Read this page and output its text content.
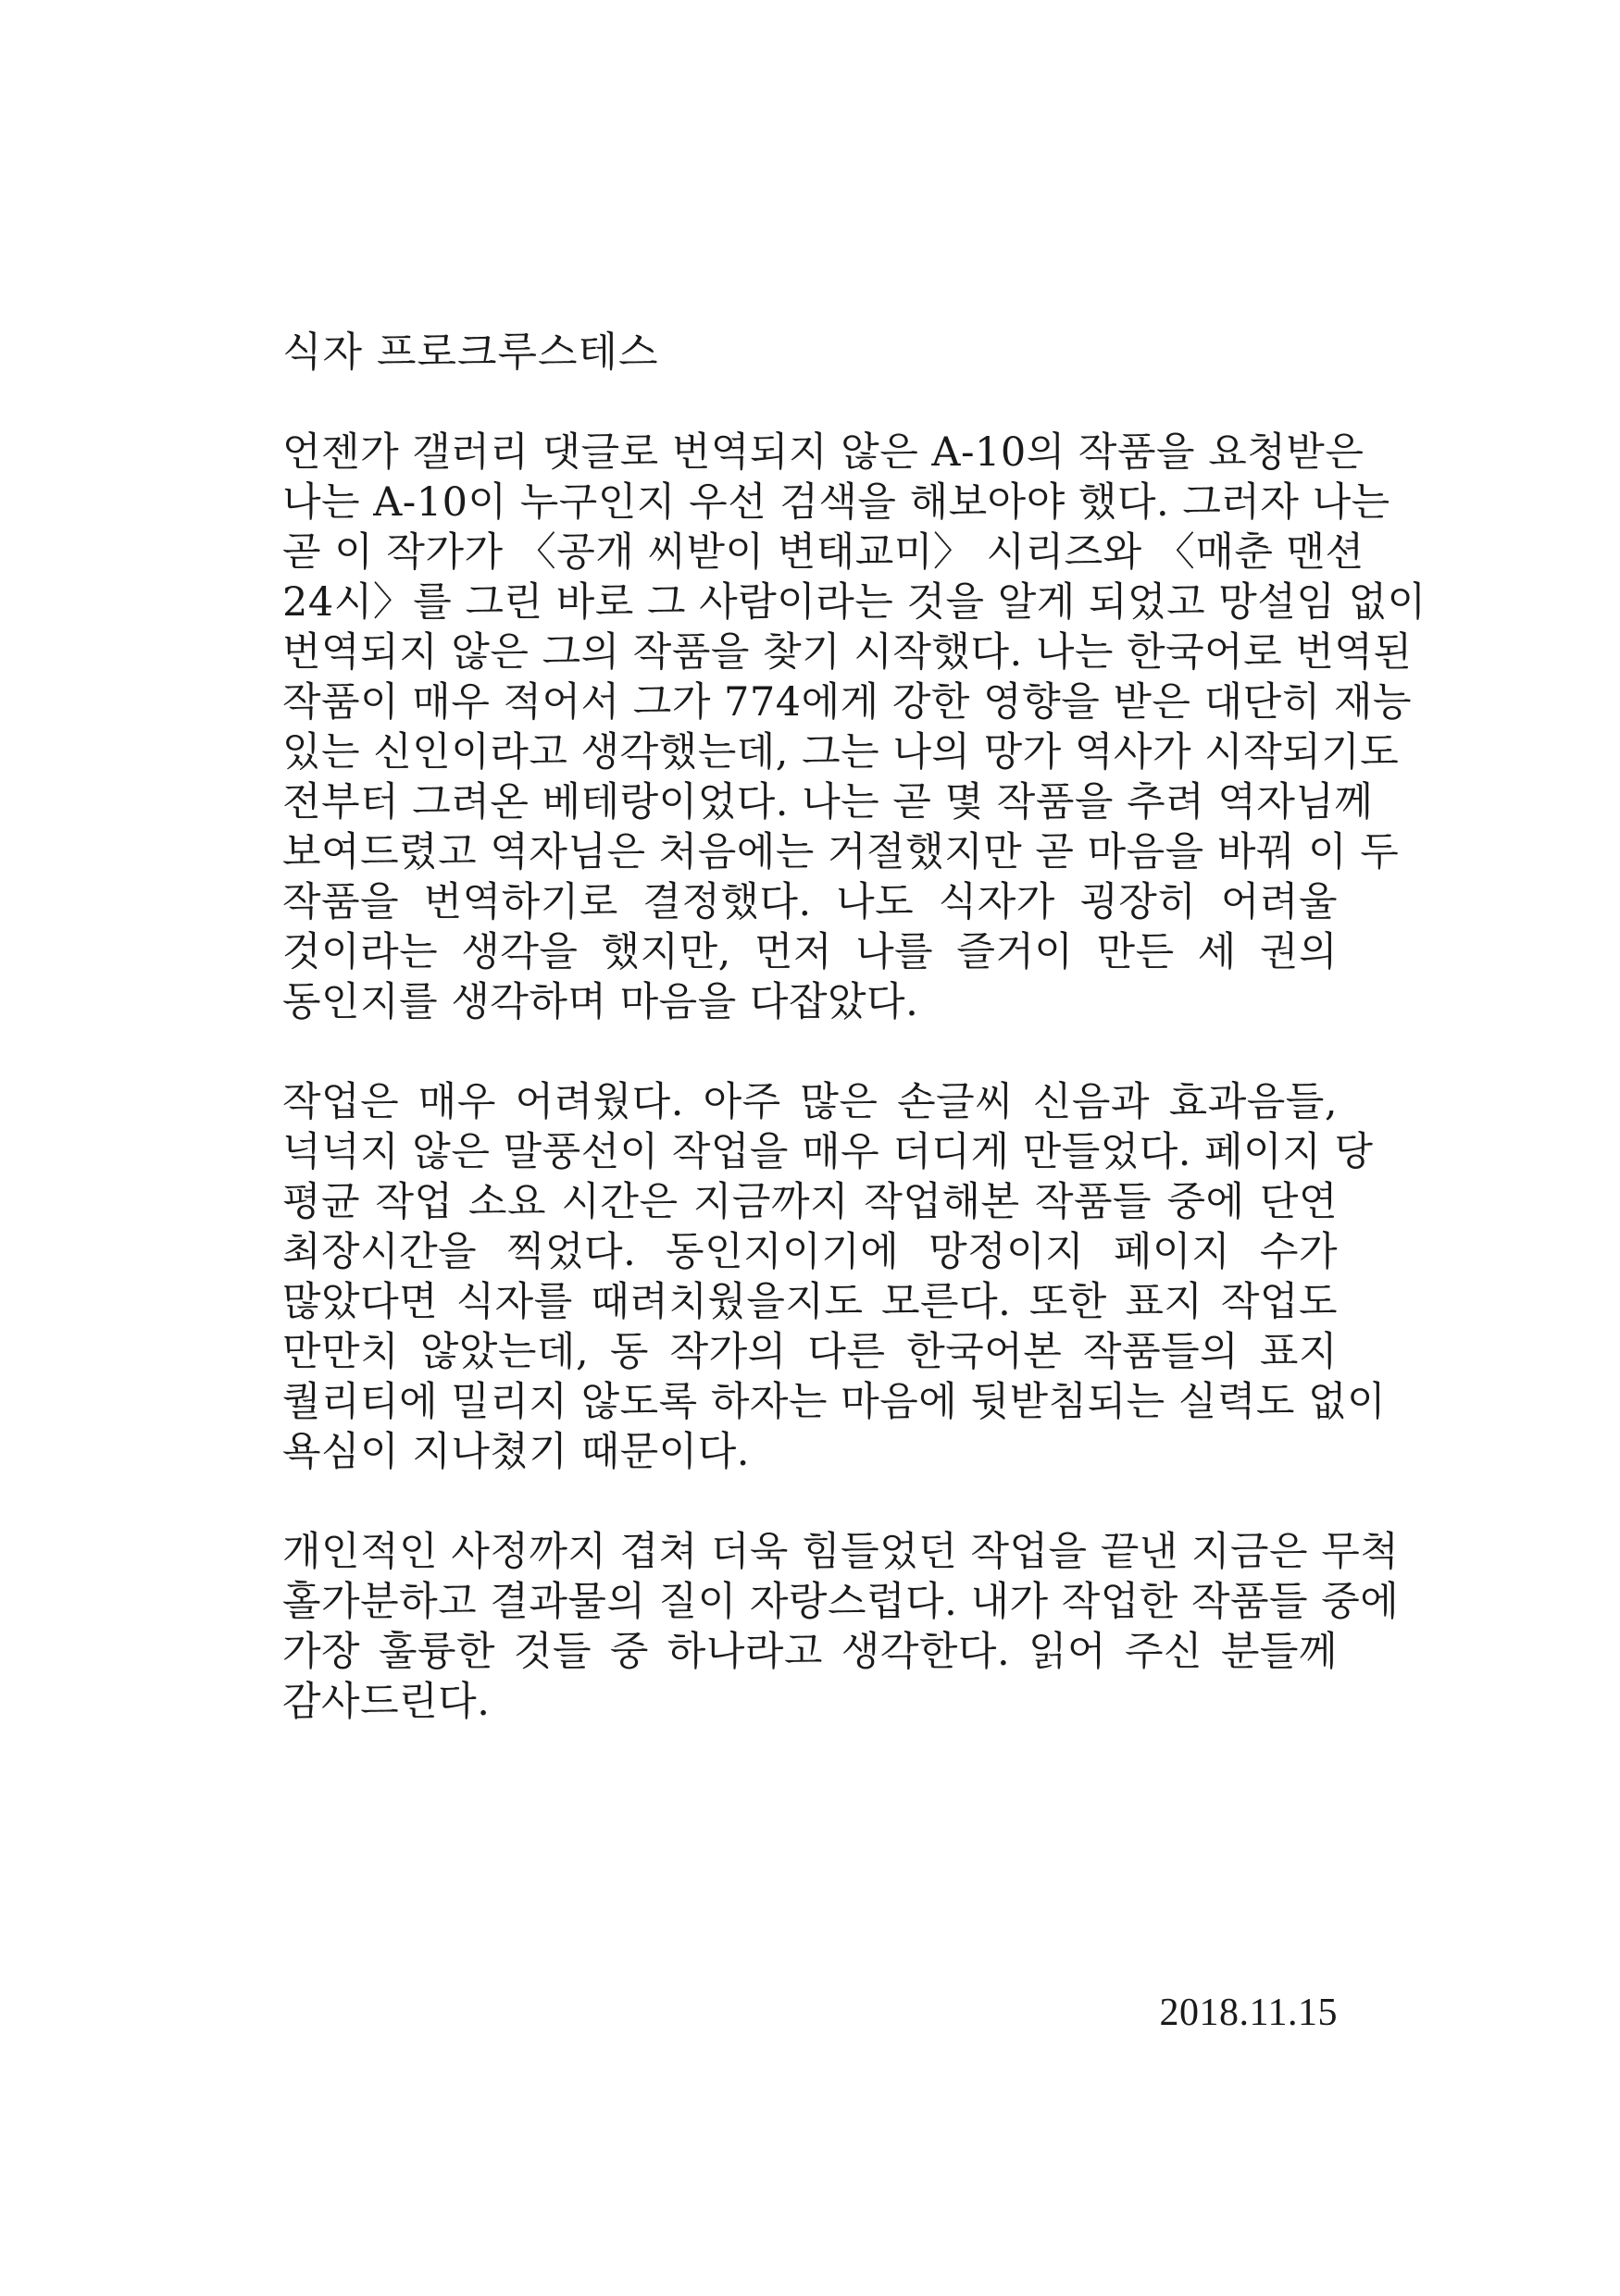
식자 프로크루스테스
언젠가 갤러리 댓글로 번역되지 않은 A-10의 작품을 요청받은
나는 A-10이 누구인지 우선 검색을 해보아야 했다. 그러자 나는
곧 이 작가가 〈공개 씨받이 변태교미〉 시리즈와 〈매춘 맨션
24시〉를 그린 바로 그 사람이라는 것을 알게 되었고 망설임 없이
번역되지 않은 그의 작품을 찾기 시작했다. 나는 한국어로 번역된
작품이 매우 적어서 그가 774에게 강한 영향을 받은 대단히 재능
있는 신인이라고 생각했는데, 그는 나의 망가 역사가 시작되기도
전부터 그려온 베테랑이었다. 나는 곧 몇 작품을 추려 역자님께
보여드렸고 역자님은 처음에는 거절했지만 곧 마음을 바꿔 이 두
작품을 번역하기로 결정했다. 나도 식자가 굉장히 어려울
것이라는 생각을 했지만, 먼저 나를 즐거이 만든 세 권의
동인지를 생각하며 마음을 다잡았다.
작업은 매우 어려웠다. 아주 많은 손글씨 신음과 효과음들,
넉넉지 않은 말풍선이 작업을 매우 더디게 만들었다. 페이지 당
평균 작업 소요 시간은 지금까지 작업해본 작품들 중에 단연
최장시간을 찍었다. 동인지이기에 망정이지 페이지 수가
많았다면 식자를 때려치웠을지도 모른다. 또한 표지 작업도
만만치 않았는데, 동 작가의 다른 한국어본 작품들의 표지
퀄리티에 밀리지 않도록 하자는 마음에 뒷받침되는 실력도 없이
욕심이 지나쳤기 때문이다.
개인적인 사정까지 겹쳐 더욱 힘들었던 작업을 끝낸 지금은 무척
홀가분하고 결과물의 질이 자랑스럽다. 내가 작업한 작품들 중에
가장 훌륭한 것들 중 하나라고 생각한다. 읽어 주신 분들께
감사드린다.
2018.11.15
